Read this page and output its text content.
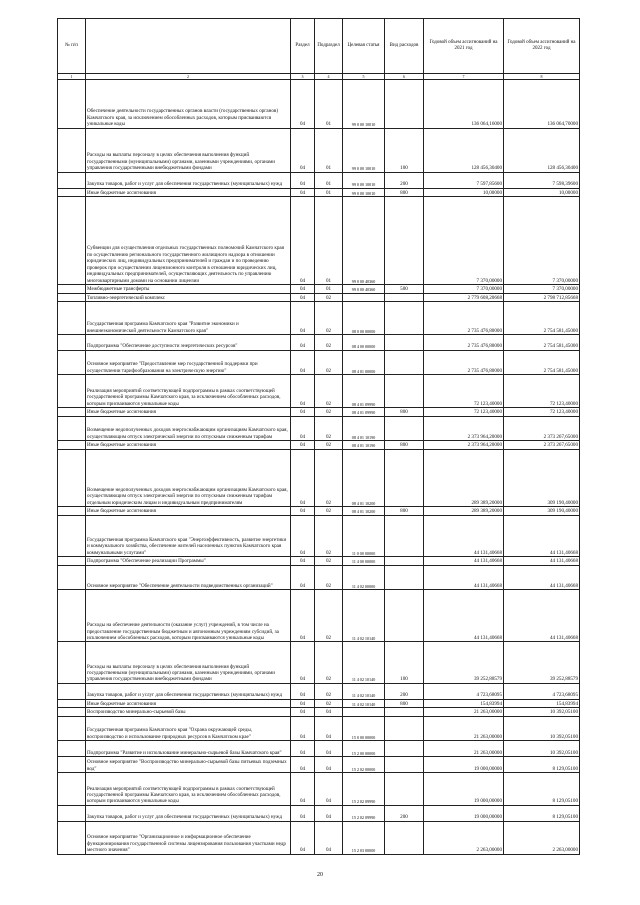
№ п/п		Раздел	Подраздел	Целевая статья	Вид расходов	Годовой объем ассигнований на 2021 год	Годовой объем ассигнований на 2022 год
1	2	3	4	5	6	7	8
	Обеспечение деятельности государственных органов власти (государственных органов) Камчатского края, за исключением обособленных расходов, которым присваиваются уникальные коды	04	01	99 0 00 10010		136 064,16000	136 064,70000
	Расходы на выплаты персоналу в целях обеспечения выполнения функций государственными (муниципальными) органами, казенными учреждениями, органами управления государственными внебюджетными фондами	04	01	99 0 00 10010	100	128 456,30400	128 456,30400
	Закупка товаров, работ и услуг для обеспечения государственных (муниципальных) нужд	04	01	99 0 00 10010	200	7 597,85600	7 598,39600
	Иные бюджетные ассигнования	04	01	99 0 00 10010	800	10,00000	10,00000
	Субвенции для осуществления отдельных государственных полномочий Камчатского края по осуществлению регионального государственного жилищного надзора в отношении юридических лиц, индивидуальных предпринимателей и граждан и по проведению проверок при осуществлении лицензионного контроля в отношении юридических лиц, индивидуальных предпринимателей, осуществляющих деятельность по управлению многоквартирными домами на основании лицензии	04	01	99 0 00 40360		7 370,00000	7 370,00000
	Межбюджетные трансферты	04	01	99 0 00 40360	500	7 370,00000	7 370,00000
	Топливно-энергетический комплекс	04	02			2 779 608,20668	2 798 712,85668
	Государственная программа Камчатского края "Развитие экономики и внешнеэкономической деятельности Камчатского края"	04	02	08 0 00 00000		2 735 476,80000	2 754 581,45000
	Подпрограмма "Обеспечение доступности энергетических ресурсов"	04	02	08 4 00 00000		2 735 476,80000	2 754 581,45000
	Основное мероприятие "Предоставление мер государственной поддержки при осуществлении тарифообразования на электрическую энергию"	04	02	08 4 01 00000		2 735 476,80000	2 754 581,45000
	Реализация мероприятий соответствующей подпрограммы в рамках соответствующей государственной программы Камчатского края, за исключением обособленных расходов, которым присваиваются уникальные коды	04	02	08 4 01 09990		72 123,40000	72 123,40000
	Иные бюджетные ассигнования	04	02	08 4 01 09990	800	72 123,40000	72 123,40000
	Возмещение недополученных доходов энергоснабжающим организациям Камчатского края, осуществляющим отпуск электрической энергии по отпускным сниженным тарифам	04	02	08 4 01 10190		2 373 964,20000	2 373 267,65000
	Иные бюджетные ассигнования	04	02	08 4 01 10190	800	2 373 964,20000	2 373 267,65000
	Возмещение недополученных доходов энергоснабжающим организациям Камчатского края, осуществляющим отпуск электрической энергии по отпускным сниженным тарифам отдельным юридическим лицам и индивидуальным предпринимателям	04	02	08 4 01 10200		289 389,20000	309 190,40000
	Иные бюджетные ассигнования	04	02	08 4 01 10200	800	289 389,20000	309 190,40000
	Государственная программа Камчатского края "Энергоэффективность, развитие энергетики и коммунального хозяйства, обеспечение жителей населенных пунктов Камчатского края коммунальными услугами"	04	02	11 0 00 00000		44 131,40668	44 131,40668
	Подпрограмма "Обеспечение реализации Программы"	04	02	11 4 00 00000		44 131,40668	44 131,40668
	Основное мероприятие "Обеспечение деятельности подведомственных организаций"	04	02	11 4 02 00000		44 131,40668	44 131,40668
	Расходы на обеспечение деятельности (оказание услуг) учреждений, в том числе на предоставление государственным бюджетным и автономным учреждениям субсидий, за исключением обособленных расходов, которым присваиваются уникальные коды	04	02	11 4 02 10140		44 131,40668	44 131,40668
	Расходы на выплаты персоналу в целях обеспечения выполнения функций государственными (муниципальными) органами, казенными учреждениями, органами управления государственными внебюджетными фондами	04	02	11 4 02 10140	100	39 252,88579	39 252,88579
	Закупка товаров, работ и услуг для обеспечения государственных (муниципальных) нужд	04	02	11 4 02 10140	200	4 723,68095	4 723,68095
	Иные бюджетные ассигнования	04	02	11 4 02 10140	800	154,83994	154,83994
	Воспроизводство минерально-сырьевой базы	04	04			21 263,00000	10 392,05100
	Государственная программа Камчатского края "Охрана окружающей среды, воспроизводство и использование природных ресурсов в Камчатском крае"	04	04	15 0 00 00000		21 263,00000	10 392,05100
	Подпрограмма "Развитие и использование минерально-сырьевой базы Камчатского края"	04	04	15 2 00 00000		21 263,00000	10 392,05100
	Основное мероприятие "Воспроизводство минерально-сырьевой базы питьевых подземных вод"	04	04	15 2 02 00000		19 000,00000	8 129,05100
	Реализация мероприятий соответствующей подпрограммы в рамках соответствующей государственной программы Камчатского края, за исключением обособленных расходов, которым присваиваются уникальные коды	04	04	15 2 02 09990		19 000,00000	8 129,05100
	Закупка товаров, работ и услуг для обеспечения государственных (муниципальных) нужд	04	04	15 2 02 09990	200	19 000,00000	8 129,05100
	Основное мероприятие "Организационное и информационное обеспечение функционирования государственной системы лицензирования пользования участками недр местного значения"	04	04	15 2 03 00000		2 263,00000	2 263,00000
20
